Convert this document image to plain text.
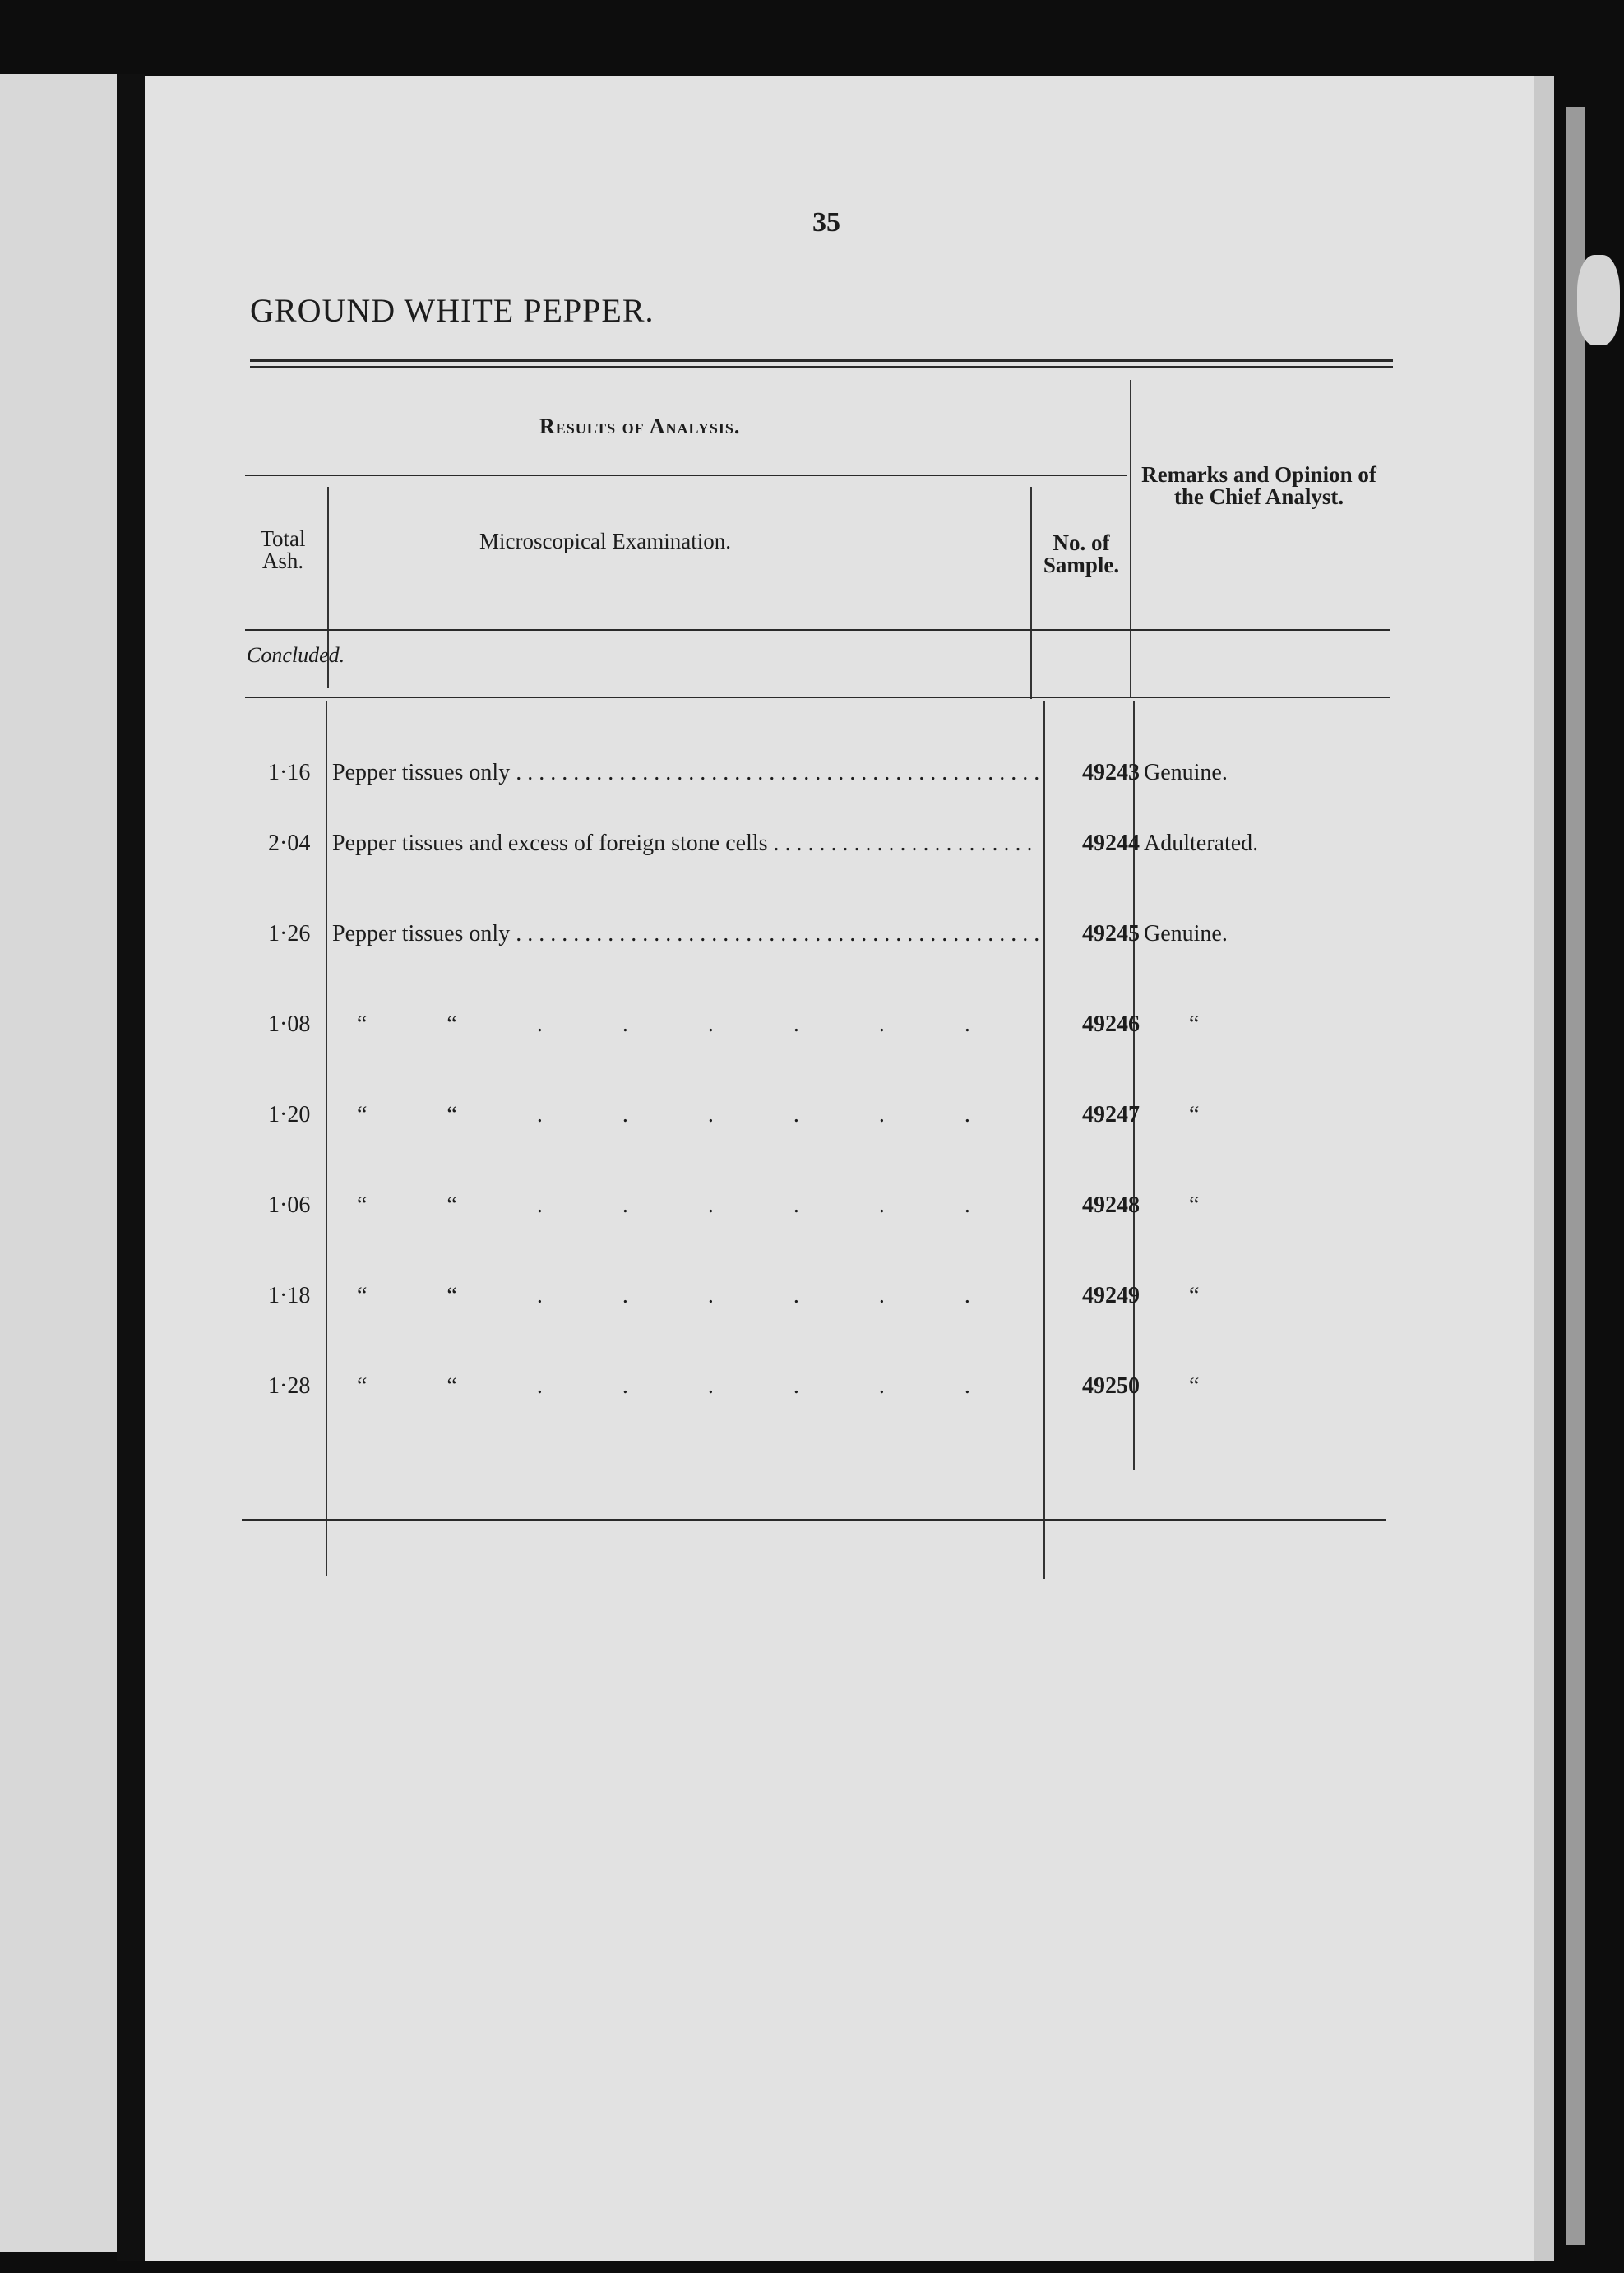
35
GROUND WHITE PEPPER.
Results of Analysis.
Remarks and Opinion of the Chief Analyst.
Total Ash.
Microscopical Examination.	No. of Sample.
Concluded.
1·16 Pepper tissues only . . .	49243 Genuine.
2·04 Pepper tissues and excess of foreign stone cells . . .	49244 Adulterated.
1·26 Pepper tissues only . . .	49245 Genuine.
1·08	“ “ . . .	49246 “
1·20	“ “ . . .	49247 “
1·06	“ “ . . .	49248 “
1·18	“ “ . . .	49249 “
1·28	“ “ . . .	49250 “
